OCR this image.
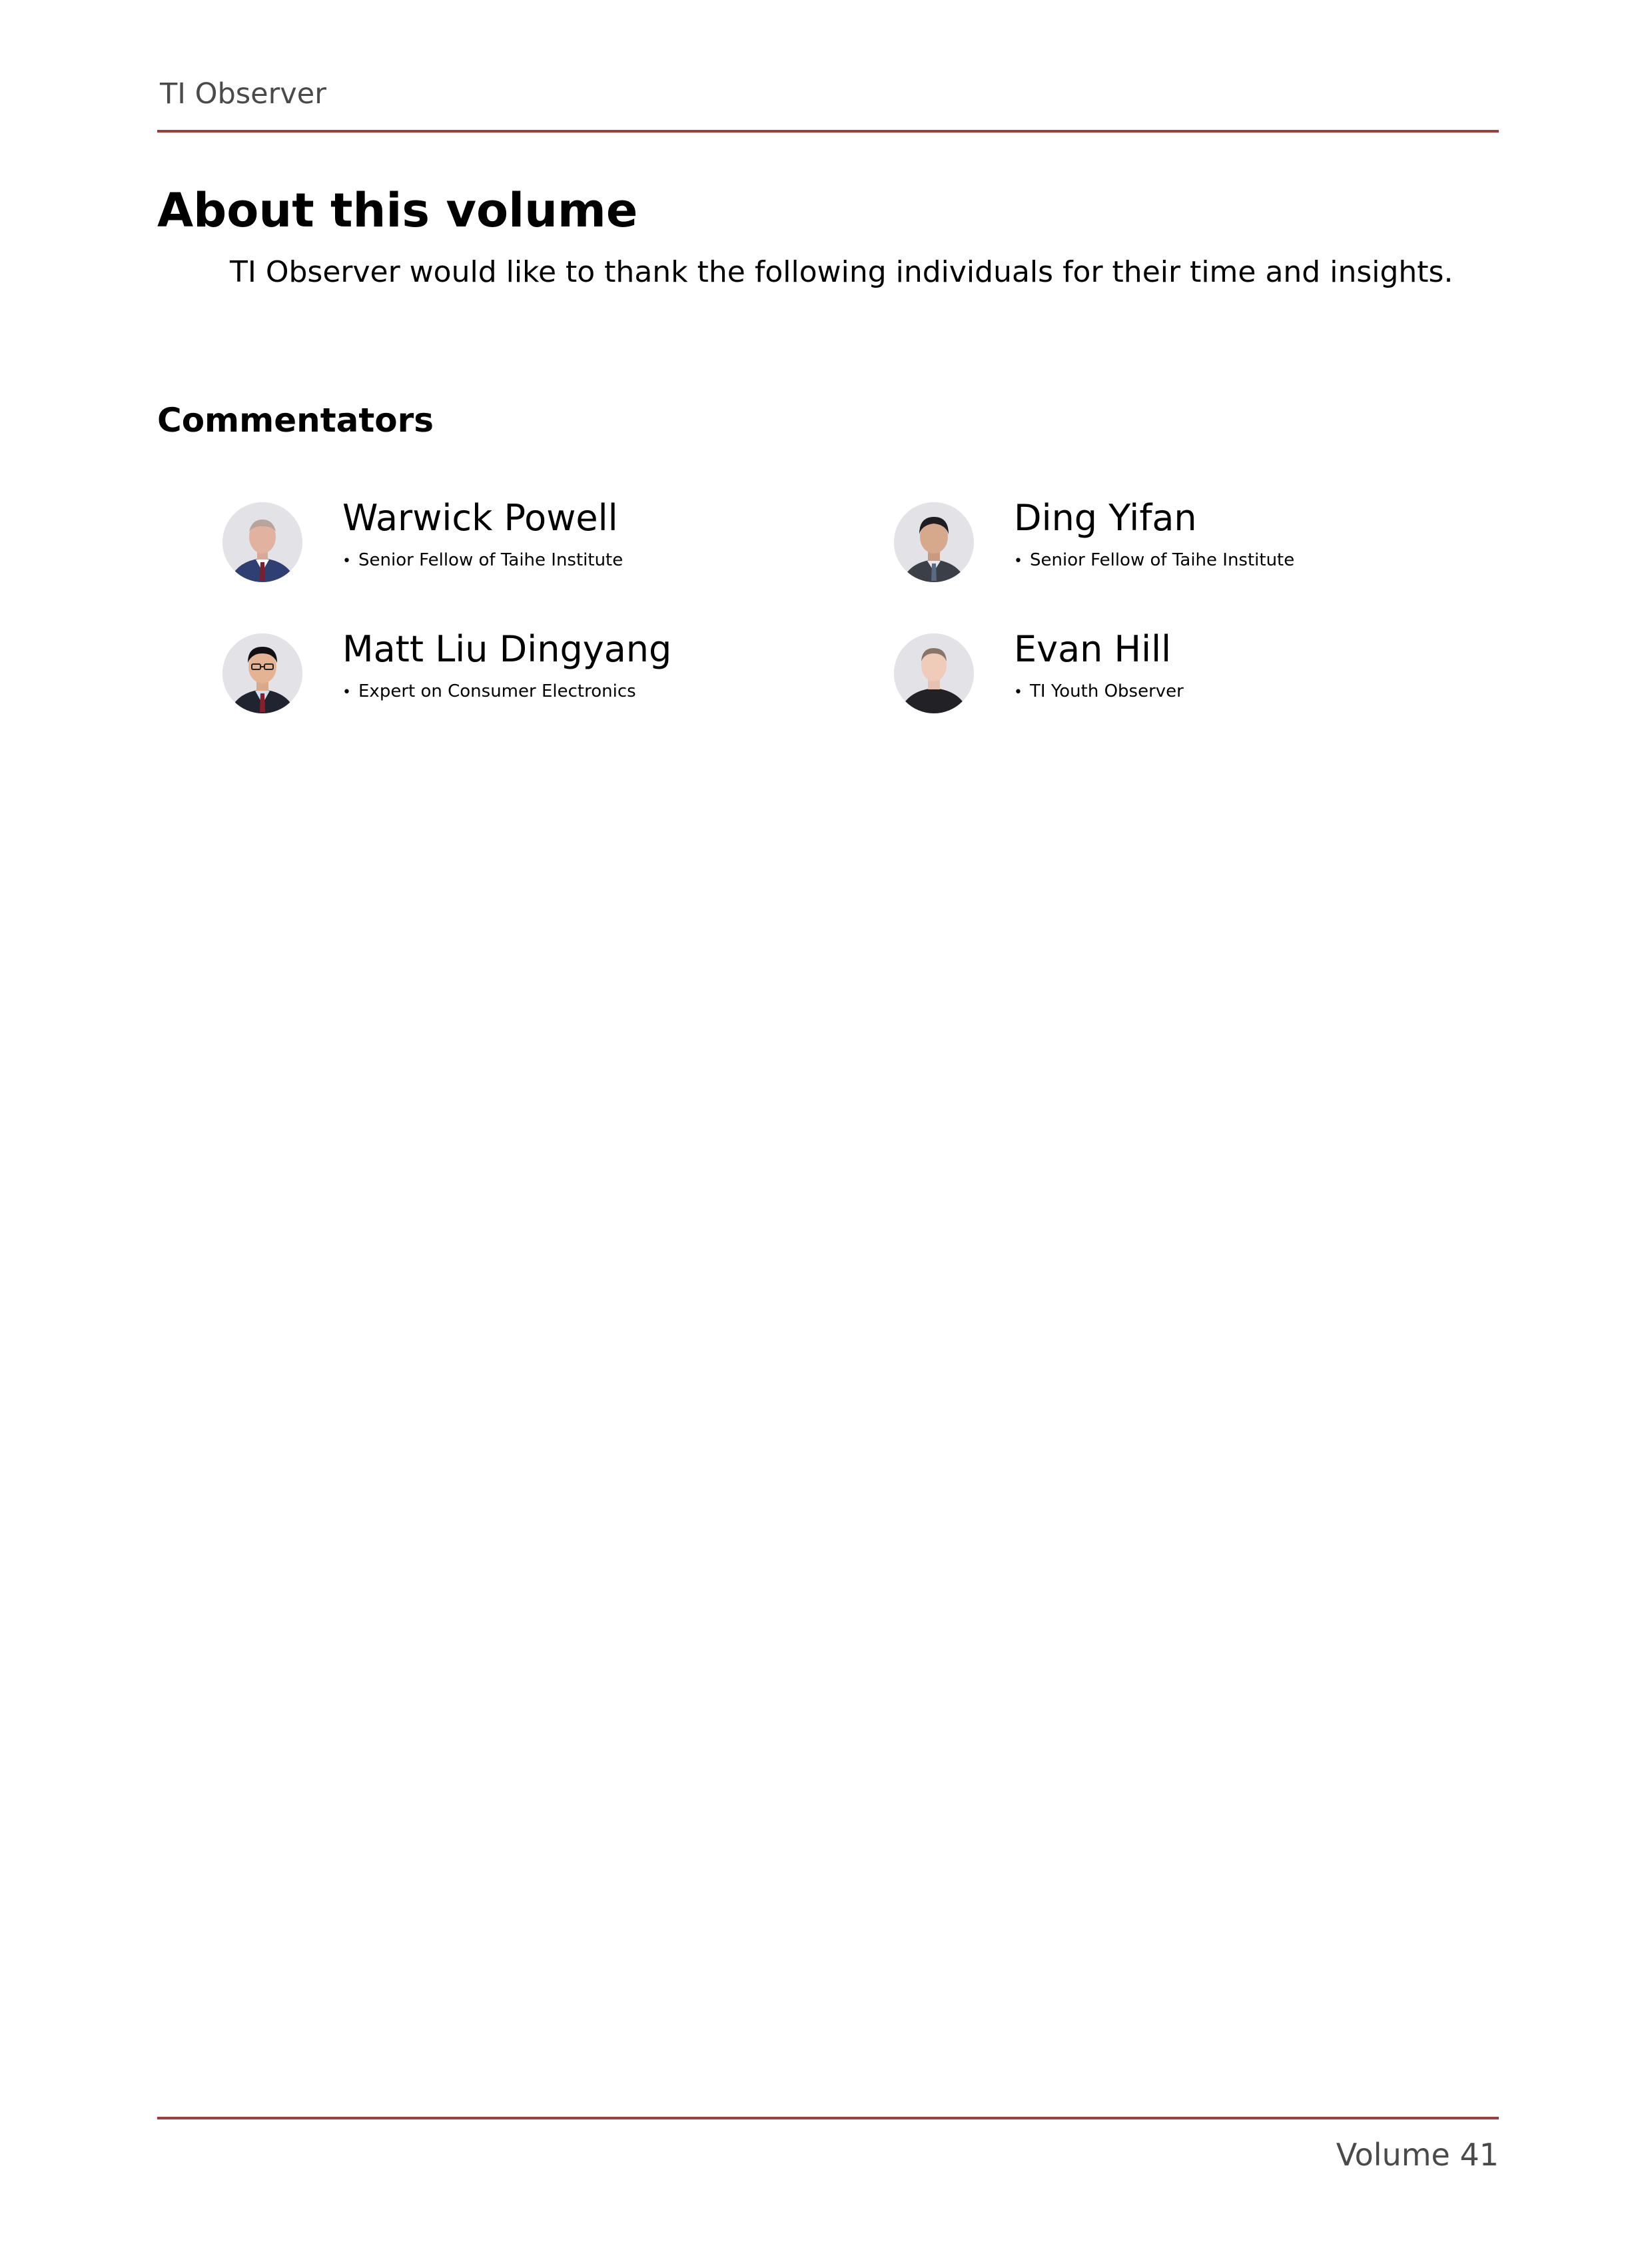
TI Observer
About this volume
TI Observer would like to thank the following individuals for their time and insights.
Commentators
Warwick Powell
• Senior Fellow of Taihe Institute
Ding Yifan
• Senior Fellow of Taihe Institute
Matt Liu Dingyang
• Expert on Consumer Electronics
Evan Hill
• TI Youth Observer
Volume 41
